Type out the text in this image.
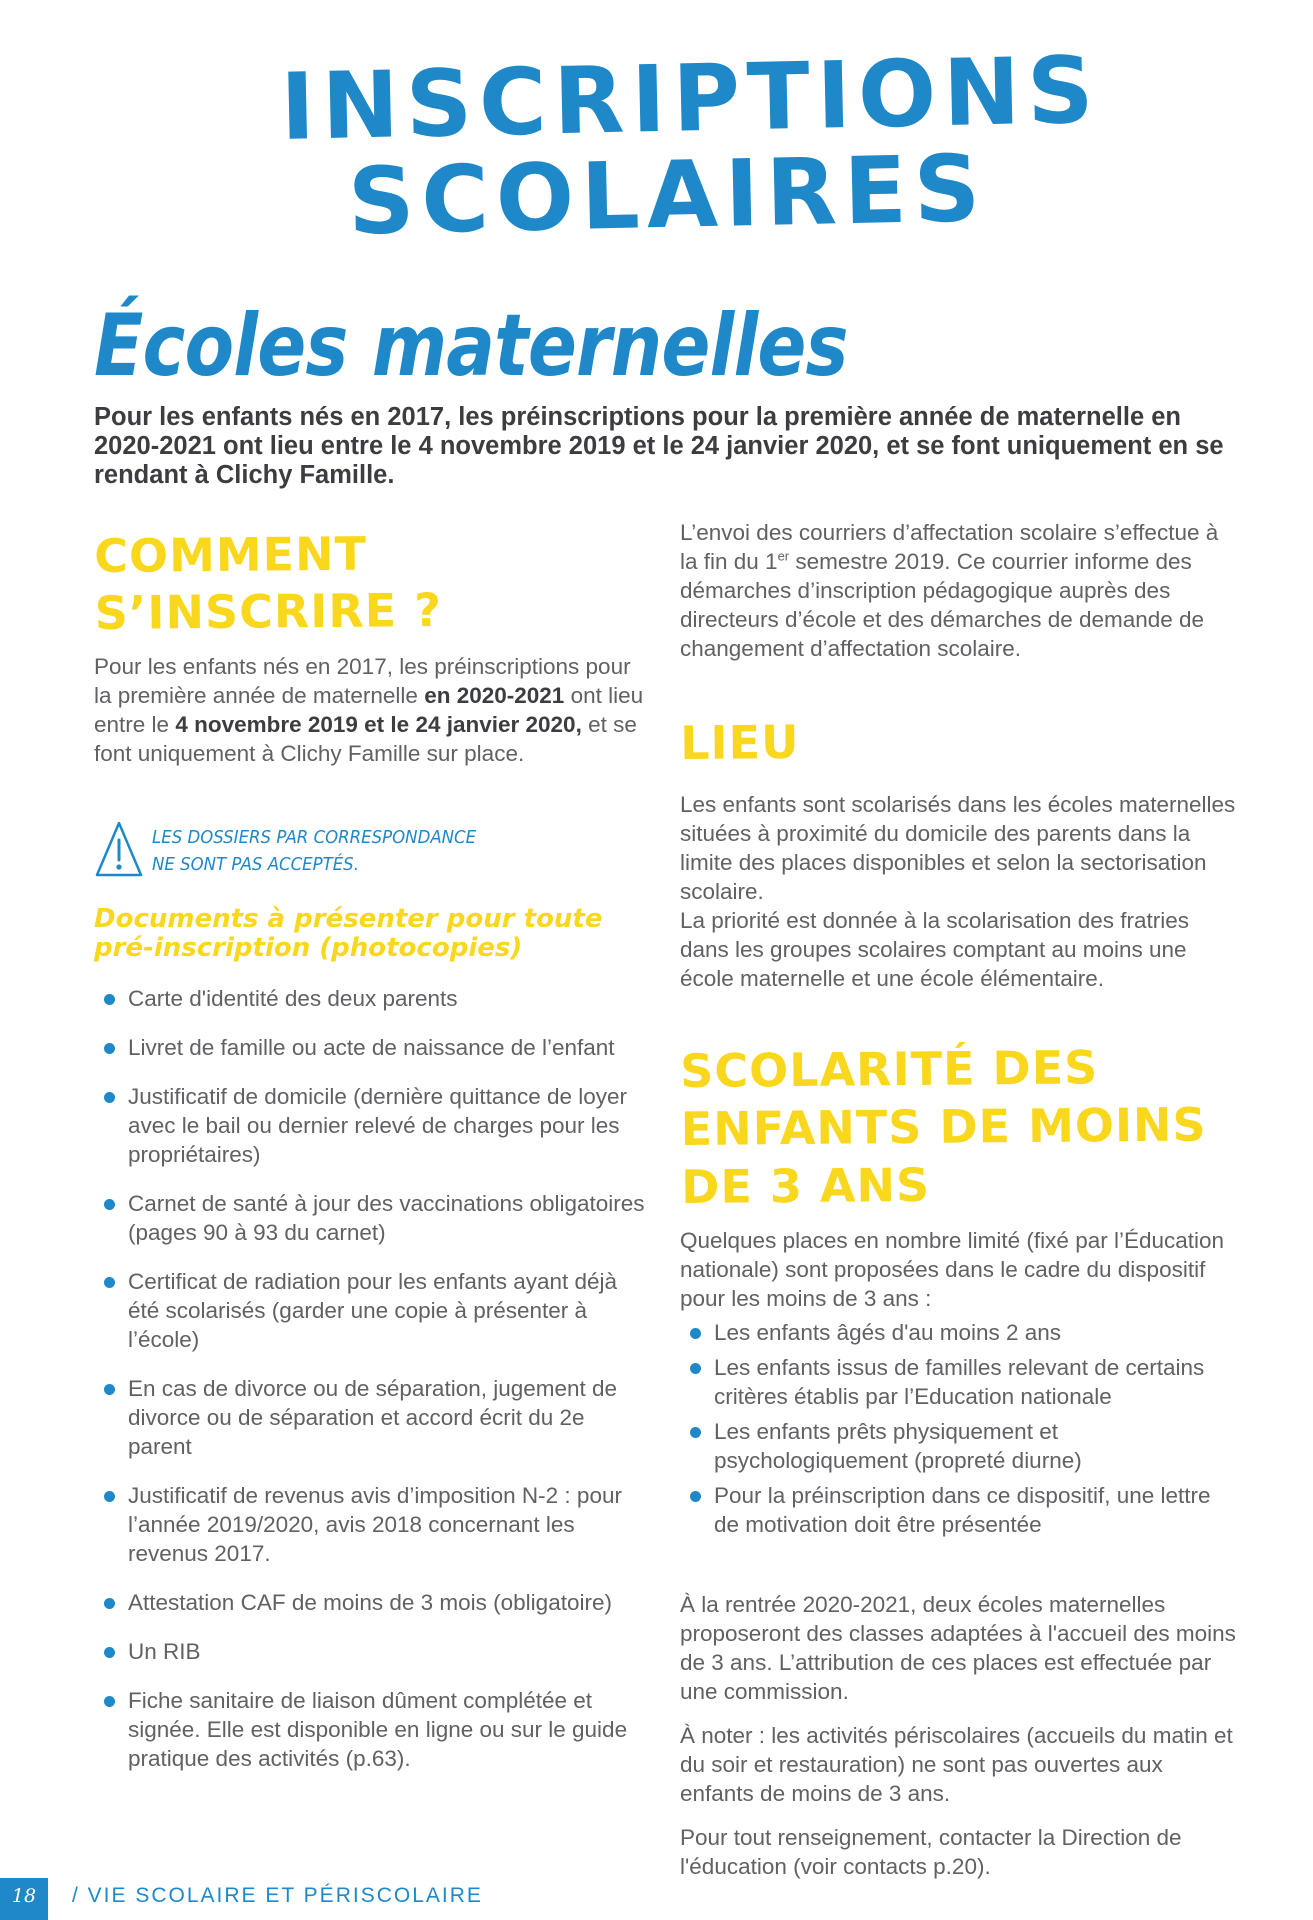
INSCRIPTIONS
SCOLAIRES
Écoles maternelles

Pour les enfants nés en 2017, les préinscriptions pour la première année de maternelle en 2020-2021 ont lieu entre le 4 novembre 2019 et le 24 janvier 2020, et se font uniquement en se rendant à Clichy Famille.

COMMENT
S’INSCRIRE ?

Pour les enfants nés en 2017, les préinscriptions pour la première année de maternelle en 2020-2021 ont lieu entre le 4 novembre 2019 et le 24 janvier 2020, et se font uniquement à Clichy Famille sur place.

LES DOSSIERS PAR CORRESPONDANCE
NE SONT PAS ACCEPTÉS.
Documents à présenter pour toute pré-inscription (photocopies)
Carte d'identité des deux parents
Livret de famille ou acte de naissance de l’enfant
Justificatif de domicile (dernière quittance de loyer avec le bail ou dernier relevé de charges pour les propriétaires)
Carnet de santé à jour des vaccinations obligatoires (pages 90 à 93 du carnet)
Certificat de radiation pour les enfants ayant déjà été scolarisés (garder une copie à présenter à l’école)
En cas de divorce ou de séparation, jugement de divorce ou de séparation et accord écrit du 2e parent
Justificatif de revenus avis d’imposition N-2 : pour l’année 2019/2020, avis 2018 concernant les revenus 2017.
Attestation CAF de moins de 3 mois (obligatoire)
Un RIB
Fiche sanitaire de liaison dûment complétée et signée. Elle est disponible en ligne ou sur le guide pratique des activités (p.63).

L’envoi des courriers d’affectation scolaire s’effectue à la fin du 1er semestre 2019. Ce courrier informe des démarches d’inscription pédagogique auprès des directeurs d’école et des démarches de demande de changement d’affectation scolaire.

LIEU

Les enfants sont scolarisés dans les écoles maternelles situées à proximité du domicile des parents dans la limite des places disponibles et selon la sectorisation scolaire.

La priorité est donnée à la scolarisation des fratries dans les groupes scolaires comptant au moins une école maternelle et une école élémentaire.

SCOLARITÉ DES
ENFANTS DE MOINS
DE 3 ANS

Quelques places en nombre limité (fixé par l’Éducation nationale) sont proposées dans le cadre du dispositif pour les moins de 3 ans :

Les enfants âgés d'au moins 2 ans
Les enfants issus de familles relevant de certains critères établis par l’Education nationale
Les enfants prêts physiquement et psychologiquement (propreté diurne)
Pour la préinscription dans ce dispositif, une lettre de motivation doit être présentée

À la rentrée 2020-2021, deux écoles maternelles proposeront des classes adaptées à l'accueil des moins de 3 ans. L’attribution de ces places est effectuée par une commission.

À noter : les activités périscolaires (accueils du matin et du soir et restauration) ne sont pas ouvertes aux enfants de moins de 3 ans.

Pour tout renseignement, contacter la Direction de l'éducation (voir contacts p.20).

18	/ VIE SCOLAIRE ET PÉRISCOLAIRE
